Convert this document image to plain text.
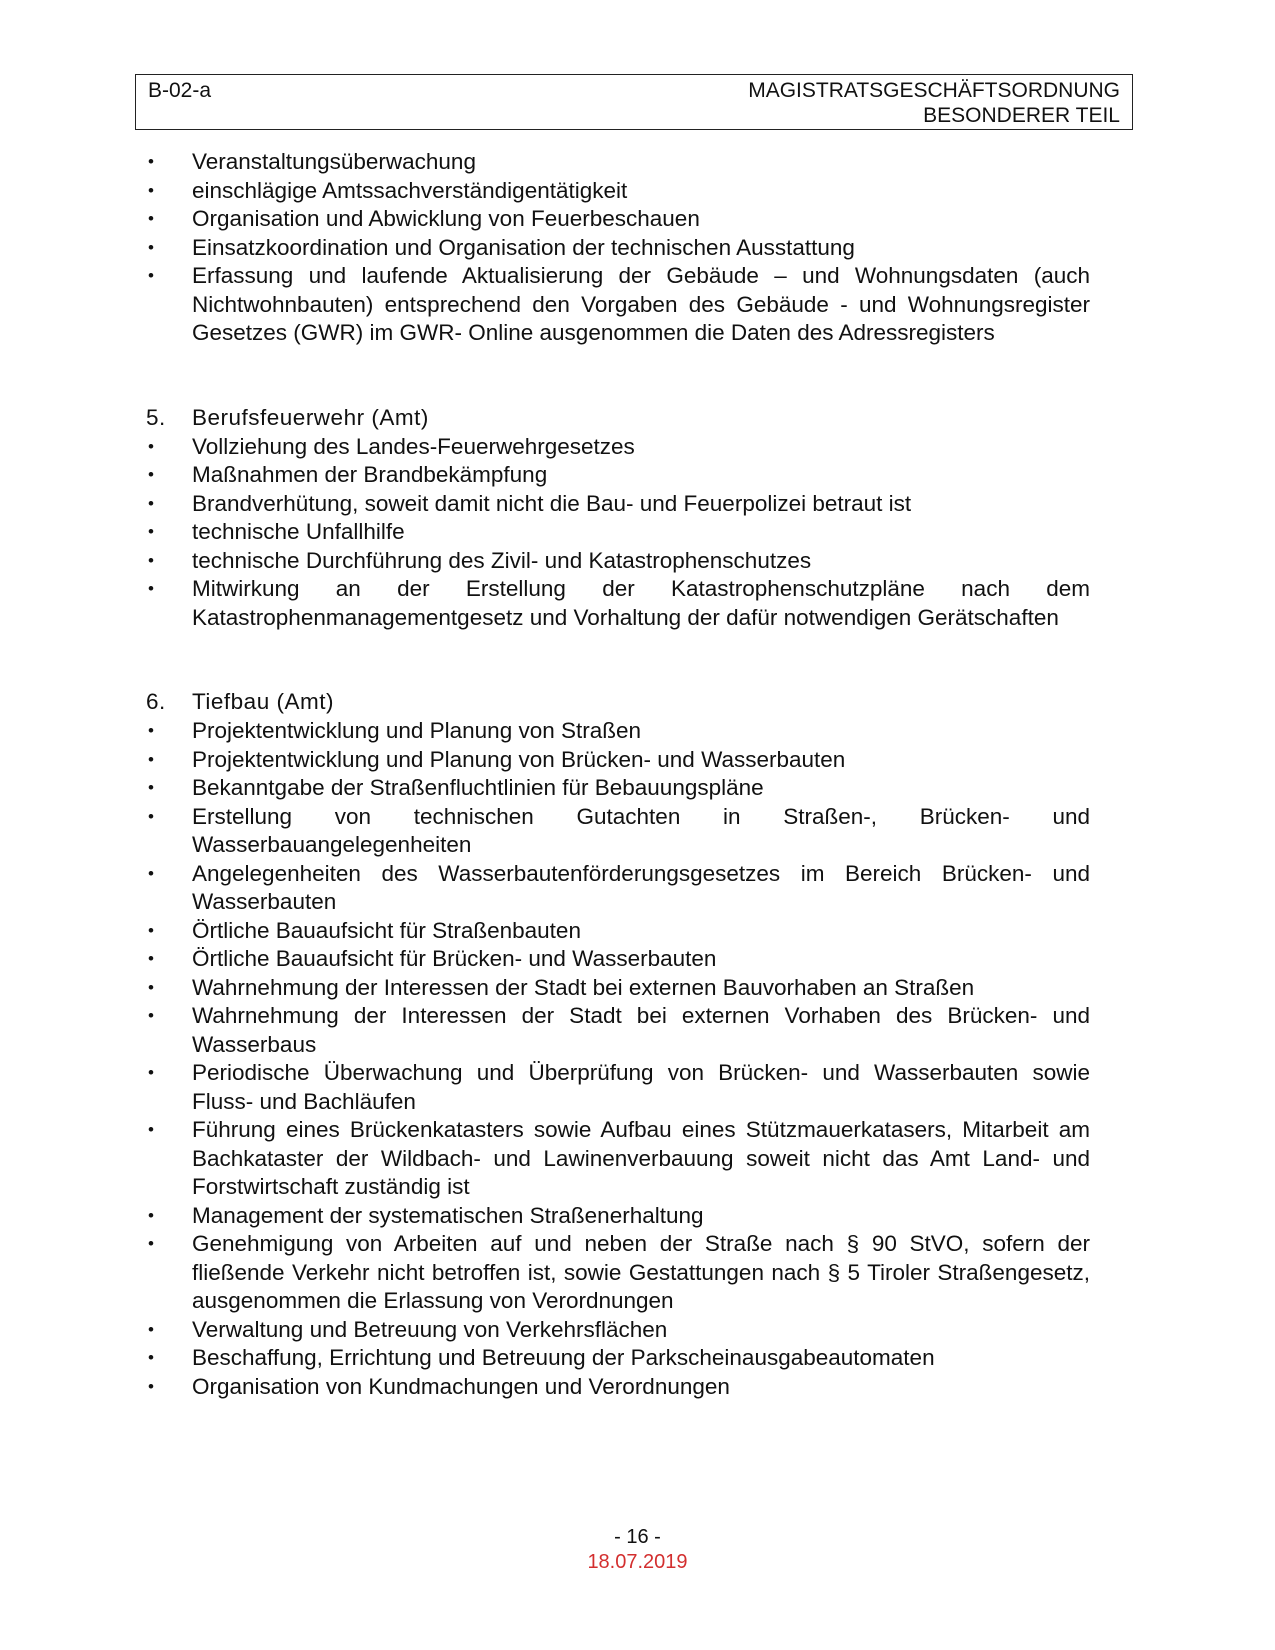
B-02-a	MAGISTRATSGESCHÄFTSORDNUNG
BESONDERER TEIL
•	Veranstaltungsüberwachung
•	einschlägige Amtssachverständigentätigkeit
•	Organisation und Abwicklung von Feuerbeschauen
•	Einsatzkoordination und Organisation der technischen Ausstattung
•	Erfassung und laufende Aktualisierung der Gebäude – und Wohnungsdaten (auch Nichtwohnbauten) entsprechend den Vorgaben des Gebäude - und Wohnungsregister Gesetzes (GWR) im GWR- Online ausgenommen die Daten des Adressregisters
5.	Berufsfeuerwehr (Amt)
•	Vollziehung des Landes-Feuerwehrgesetzes
•	Maßnahmen der Brandbekämpfung
•	Brandverhütung, soweit damit nicht die Bau- und Feuerpolizei betraut ist
•	technische Unfallhilfe
•	technische Durchführung des Zivil- und Katastrophenschutzes
•	Mitwirkung an der Erstellung der Katastrophenschutzpläne nach dem Katastrophenmanagementgesetz und Vorhaltung der dafür notwendigen Gerätschaften
6.	Tiefbau (Amt)
•	Projektentwicklung und Planung von Straßen
•	Projektentwicklung und Planung von Brücken- und Wasserbauten
•	Bekanntgabe der Straßenfluchtlinien für Bebauungspläne
•	Erstellung von technischen Gutachten in Straßen-, Brücken- und Wasserbauangelegenheiten
•	Angelegenheiten des Wasserbautenförderungsgesetzes im Bereich Brücken- und Wasserbauten
•	Örtliche Bauaufsicht für Straßenbauten
•	Örtliche Bauaufsicht für Brücken- und Wasserbauten
•	Wahrnehmung der Interessen der Stadt bei externen Bauvorhaben an Straßen
•	Wahrnehmung der Interessen der Stadt bei externen Vorhaben des Brücken- und Wasserbaus
•	Periodische Überwachung und Überprüfung von Brücken- und Wasserbauten sowie Fluss- und Bachläufen
•	Führung eines Brückenkatasters sowie Aufbau eines Stützmauerkatasers, Mitarbeit am Bachkataster der Wildbach- und Lawinenverbauung soweit nicht das Amt Land- und Forstwirtschaft zuständig ist
•	Management der systematischen Straßenerhaltung
•	Genehmigung von Arbeiten auf und neben der Straße nach § 90 StVO, sofern der fließende Verkehr nicht betroffen ist, sowie Gestattungen nach § 5 Tiroler Straßengesetz, ausgenommen die Erlassung von Verordnungen
•	Verwaltung und Betreuung von Verkehrsflächen
•	Beschaffung, Errichtung und Betreuung der Parkscheinausgabeautomaten
•	Organisation von Kundmachungen und Verordnungen
- 16 -
18.07.2019
